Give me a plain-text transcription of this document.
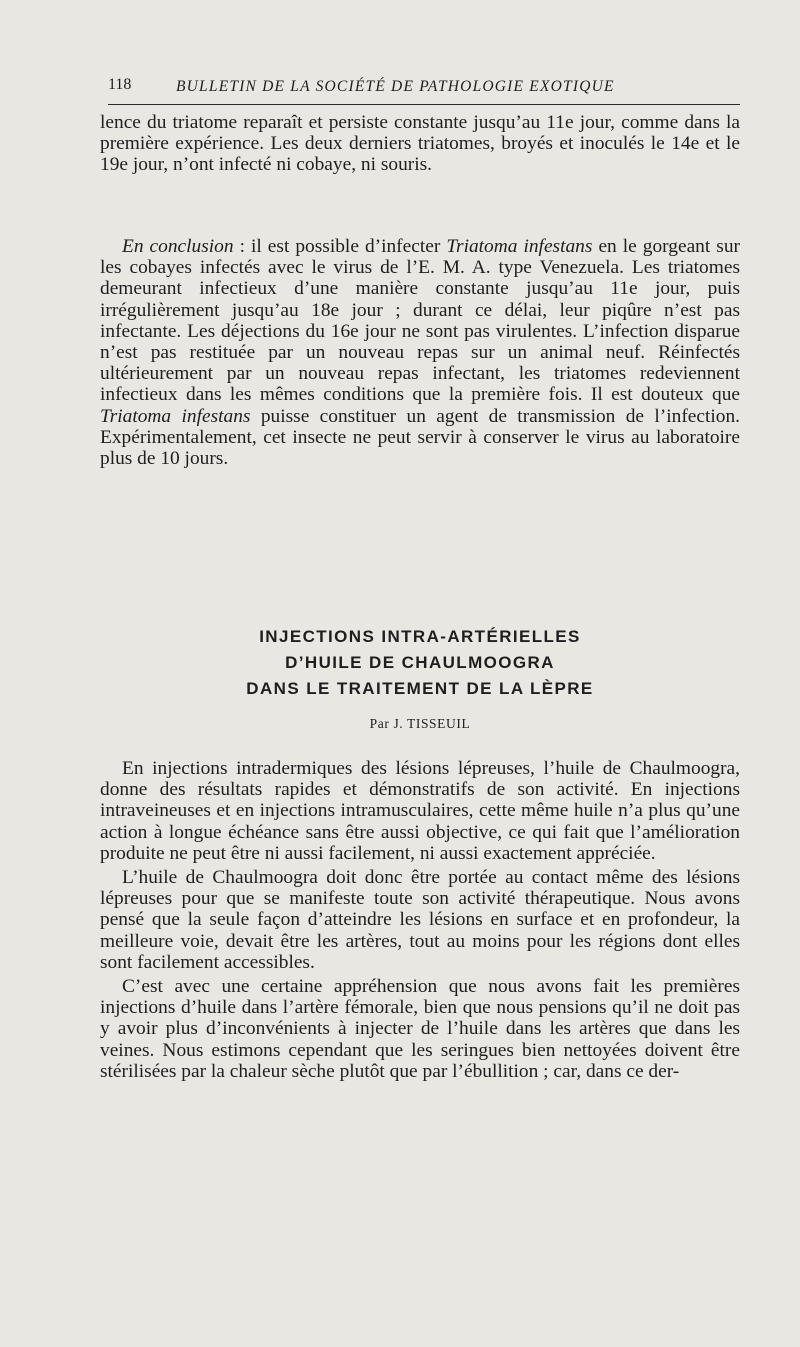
118	BULLETIN DE LA SOCIÉTÉ DE PATHOLOGIE EXOTIQUE

lence du triatome reparaît et persiste constante jusqu’au 11e jour, comme dans la première expérience. Les deux derniers triatomes, broyés et inoculés le 14e et le 19e jour, n’ont infecté ni cobaye, ni souris.

En conclusion : il est possible d’infecter Triatoma infestans en le gorgeant sur les cobayes infectés avec le virus de l’E. M. A. type Venezuela. Les triatomes demeurant infectieux d’une manière constante jusqu’au 11e jour, puis irrégulièrement jusqu’au 18e jour ; durant ce délai, leur piqûre n’est pas infectante. Les déjections du 16e jour ne sont pas virulentes. L’infection disparue n’est pas restituée par un nouveau repas sur un animal neuf. Réinfectés ultérieurement par un nouveau repas infectant, les triatomes redeviennent infectieux dans les mêmes conditions que la première fois. Il est douteux que Triatoma infestans puisse constituer un agent de transmission de l’infection. Expérimentalement, cet insecte ne peut servir à conserver le virus au laboratoire plus de 10 jours.

INJECTIONS INTRA-ARTÉRIELLES
D’HUILE DE CHAULMOOGRA
DANS LE TRAITEMENT DE LA LÈPRE
Par J. TISSEUIL

En injections intradermiques des lésions lépreuses, l’huile de Chaulmoogra, donne des résultats rapides et démonstratifs de son activité. En injections intraveineuses et en injections intramusculaires, cette même huile n’a plus qu’une action à longue échéance sans être aussi objective, ce qui fait que l’amélioration produite ne peut être ni aussi facilement, ni aussi exactement appréciée.

L’huile de Chaulmoogra doit donc être portée au contact même des lésions lépreuses pour que se manifeste toute son activité thérapeutique. Nous avons pensé que la seule façon d’atteindre les lésions en surface et en profondeur, la meilleure voie, devait être les artères, tout au moins pour les régions dont elles sont facilement accessibles.

C’est avec une certaine appréhension que nous avons fait les premières injections d’huile dans l’artère fémorale, bien que nous pensions qu’il ne doit pas y avoir plus d’inconvénients à injecter de l’huile dans les artères que dans les veines. Nous estimons cependant que les seringues bien nettoyées doivent être stérilisées par la chaleur sèche plutôt que par l’ébullition ; car, dans ce der-
